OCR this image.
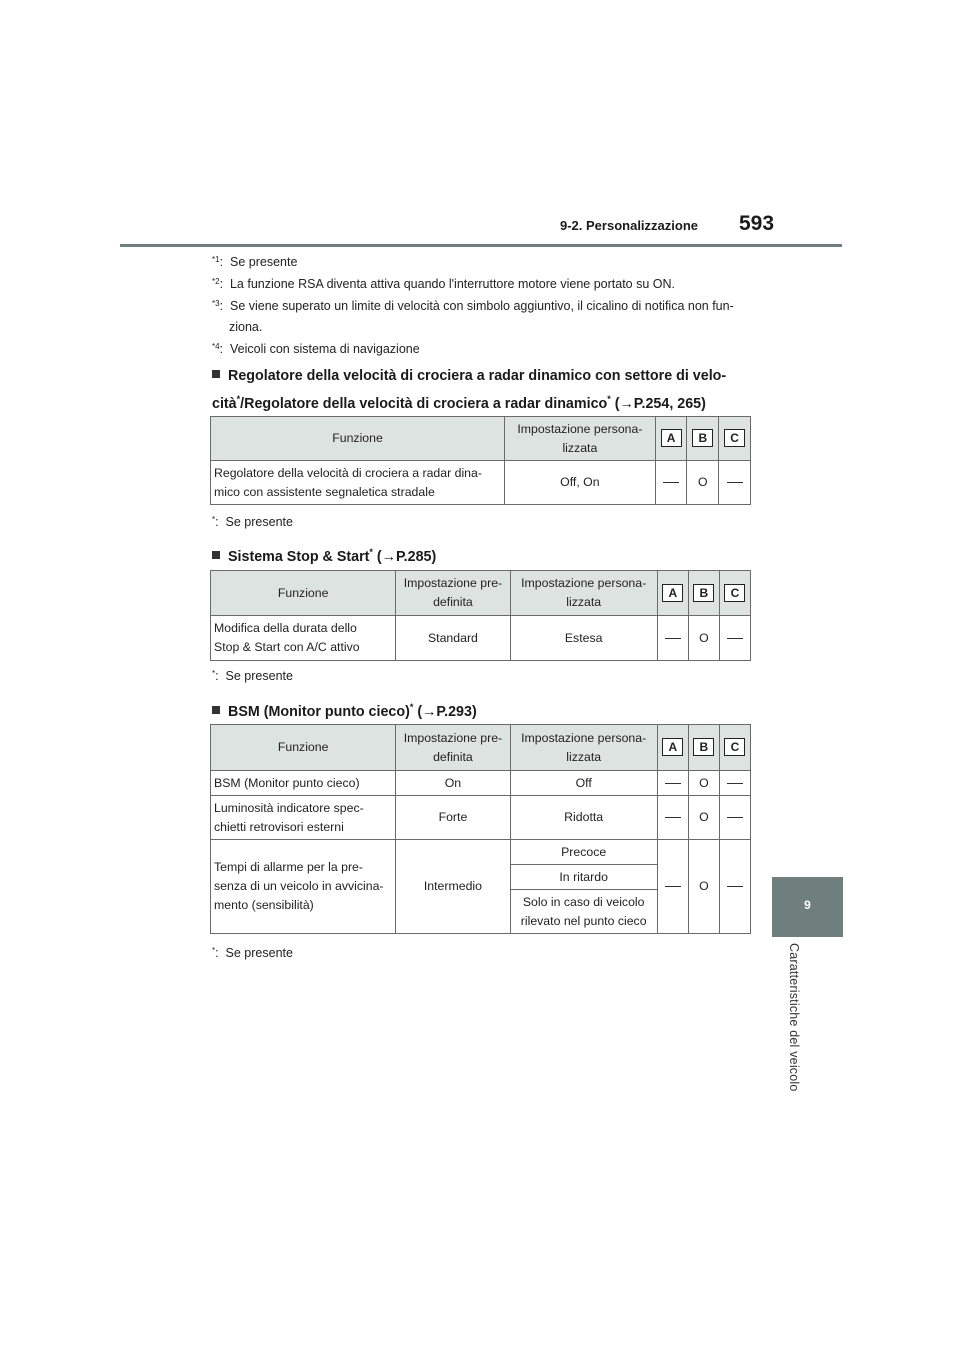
9-2. Personalizzazione 593
9
Caratteristiche del veicolo
$^{*1}$:  Se presente
$^{*2}$:  La funzione RSA diventa attiva quando l'interruttore motore viene portato su ON.
$^{*3}$:  Se viene superato un limite di velocità con simbolo aggiuntivo, il cicalino di notifica non fun-
ziona.
$^{*4}$:  Veicoli con sistema di navigazione
Regolatore della velocità di crociera a radar dinamico con settore di velo-
cità*/Regolatore della velocità di crociera a radar dinamico* (→P.254, 265)
Funzione	Impostazione persona-
lizzata	A	B	C
Regolatore della velocità di crociera a radar dina-
mico con assistente segnaletica stradale	Off, On		O	
*:  Se presente
Sistema Stop & Start* (→P.285)
Funzione	Impostazione pre-
definita	Impostazione persona-
lizzata	A	B	C
Modifica della durata dello
Stop & Start con A/C attivo	Standard	Estesa		O	
*:  Se presente
BSM (Monitor punto cieco)* (→P.293)
Funzione	Impostazione pre-
definita	Impostazione persona-
lizzata	A	B	C
BSM (Monitor punto cieco)	On	Off		O	
Luminosità indicatore spec-
chietti retrovisori esterni	Forte	Ridotta		O	
Tempi di allarme per la pre-
senza di un veicolo in avvicina-
mento (sensibilità)	Intermedio	Precoce		O	
		In ritardo			
		Solo in caso di veicolo
rilevato nel punto cieco			
*:  Se presente
